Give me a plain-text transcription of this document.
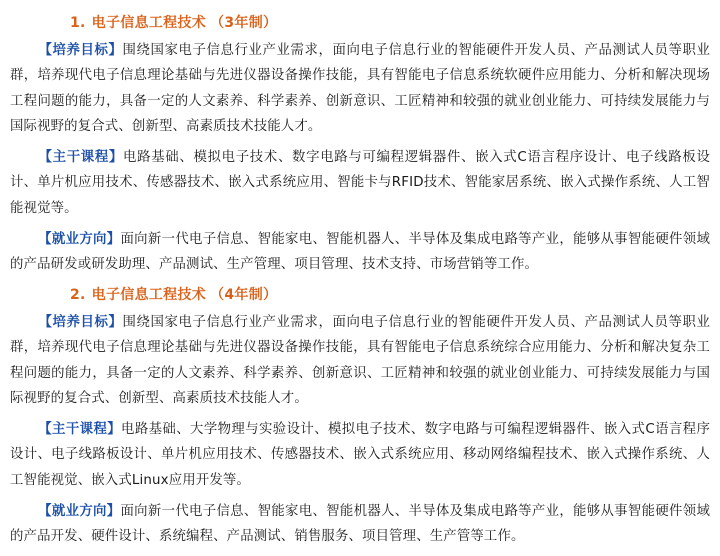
1. 电子信息工程技术 （3年制）

【培养目标】围绕国家电子信息行业产业需求，面向电子信息行业的智能硬件开发人员、产品测试人员等职业群，培养现代电子信息理论基础与先进仪器设备操作技能，具有智能电子信息系统软硬件应用能力、分析和解决现场工程问题的能力，具备一定的人文素养、科学素养、创新意识、工匠精神和较强的就业创业能力、可持续发展能力与国际视野的复合式、创新型、高素质技术技能人才。

【主干课程】电路基础、模拟电子技术、数字电路与可编程逻辑器件、嵌入式C语言程序设计、电子线路板设计、单片机应用技术、传感器技术、嵌入式系统应用、智能卡与RFID技术、智能家居系统、嵌入式操作系统、人工智能视觉等。

【就业方向】面向新一代电子信息、智能家电、智能机器人、半导体及集成电路等产业，能够从事智能硬件领域的产品研发或研发助理、产品测试、生产管理、项目管理、技术支持、市场营销等工作。

2. 电子信息工程技术 （4年制）

【培养目标】围绕国家电子信息行业产业需求，面向电子信息行业的智能硬件开发人员、产品测试人员等职业群，培养现代电子信息理论基础与先进仪器设备操作技能，具有智能电子信息系统综合应用能力、分析和解决复杂工程问题的能力，具备一定的人文素养、科学素养、创新意识、工匠精神和较强的就业创业能力、可持续发展能力与国际视野的复合式、创新型、高素质技术技能人才。

【主干课程】电路基础、大学物理与实验设计、模拟电子技术、数字电路与可编程逻辑器件、嵌入式C语言程序设计、电子线路板设计、单片机应用技术、传感器技术、嵌入式系统应用、移动网络编程技术、嵌入式操作系统、人工智能视觉、嵌入式Linux应用开发等。

【就业方向】面向新一代电子信息、智能家电、智能机器人、半导体及集成电路等产业，能够从事智能硬件领域的产品开发、硬件设计、系统编程、产品测试、销售服务、项目管理、生产管等工作。
